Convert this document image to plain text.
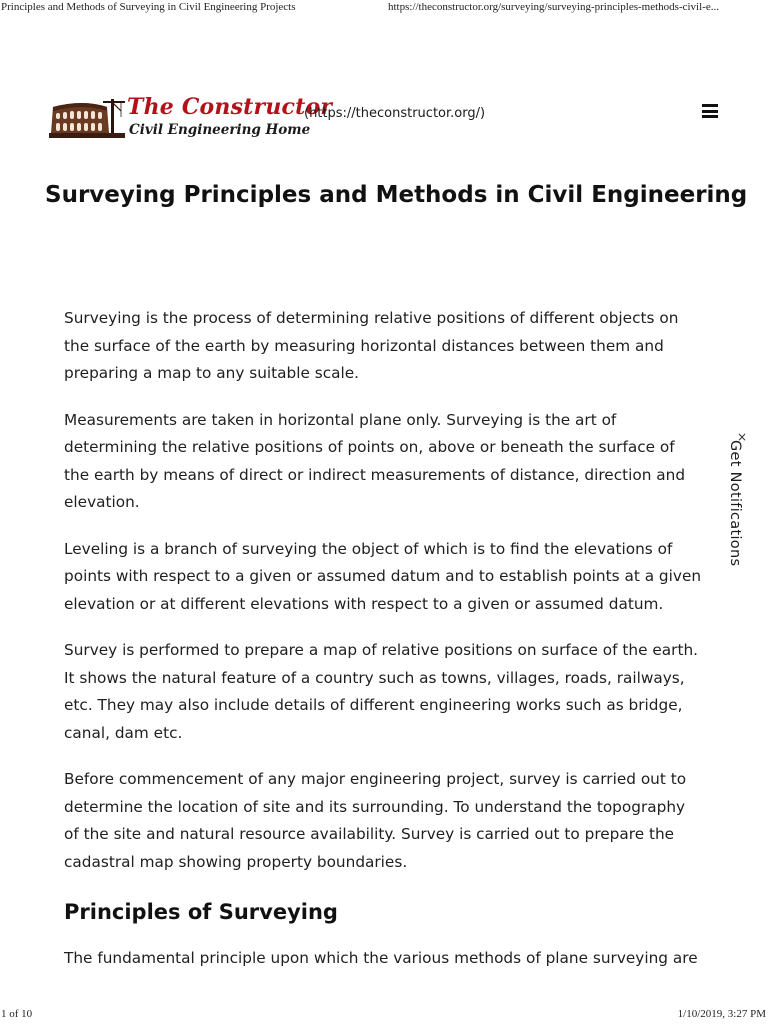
Principles and Methods of Surveying in Civil Engineering Projects	https://theconstructor.org/surveying/surveying-principles-methods-civil-e...
The Constructor
Civil Engineering Home
(https://theconstructor.org/)
Surveying Principles and Methods in Civil Engineering

Surveying is the process of determining relative positions of different objects on the surface of the earth by measuring horizontal distances between them and preparing a map to any suitable scale.

Measurements are taken in horizontal plane only. Surveying is the art of determining the relative positions of points on, above or beneath the surface of the earth by means of direct or indirect measurements of distance, direction and elevation.

Leveling is a branch of surveying the object of which is to find the elevations of points with respect to a given or assumed datum and to establish points at a given elevation or at different elevations with respect to a given or assumed datum.

Survey is performed to prepare a map of relative positions on surface of the earth. It shows the natural feature of a country such as towns, villages, roads, railways, etc. They may also include details of different engineering works such as bridge, canal, dam etc.

Before commencement of any major engineering project, survey is carried out to determine the location of site and its surrounding. To understand the topography of the site and natural resource availability. Survey is carried out to prepare the cadastral map showing property boundaries.

Principles of Surveying

The fundamental principle upon which the various methods of plane surveying are

×
Get Notifications
1 of 10	1/10/2019, 3:27 PM
